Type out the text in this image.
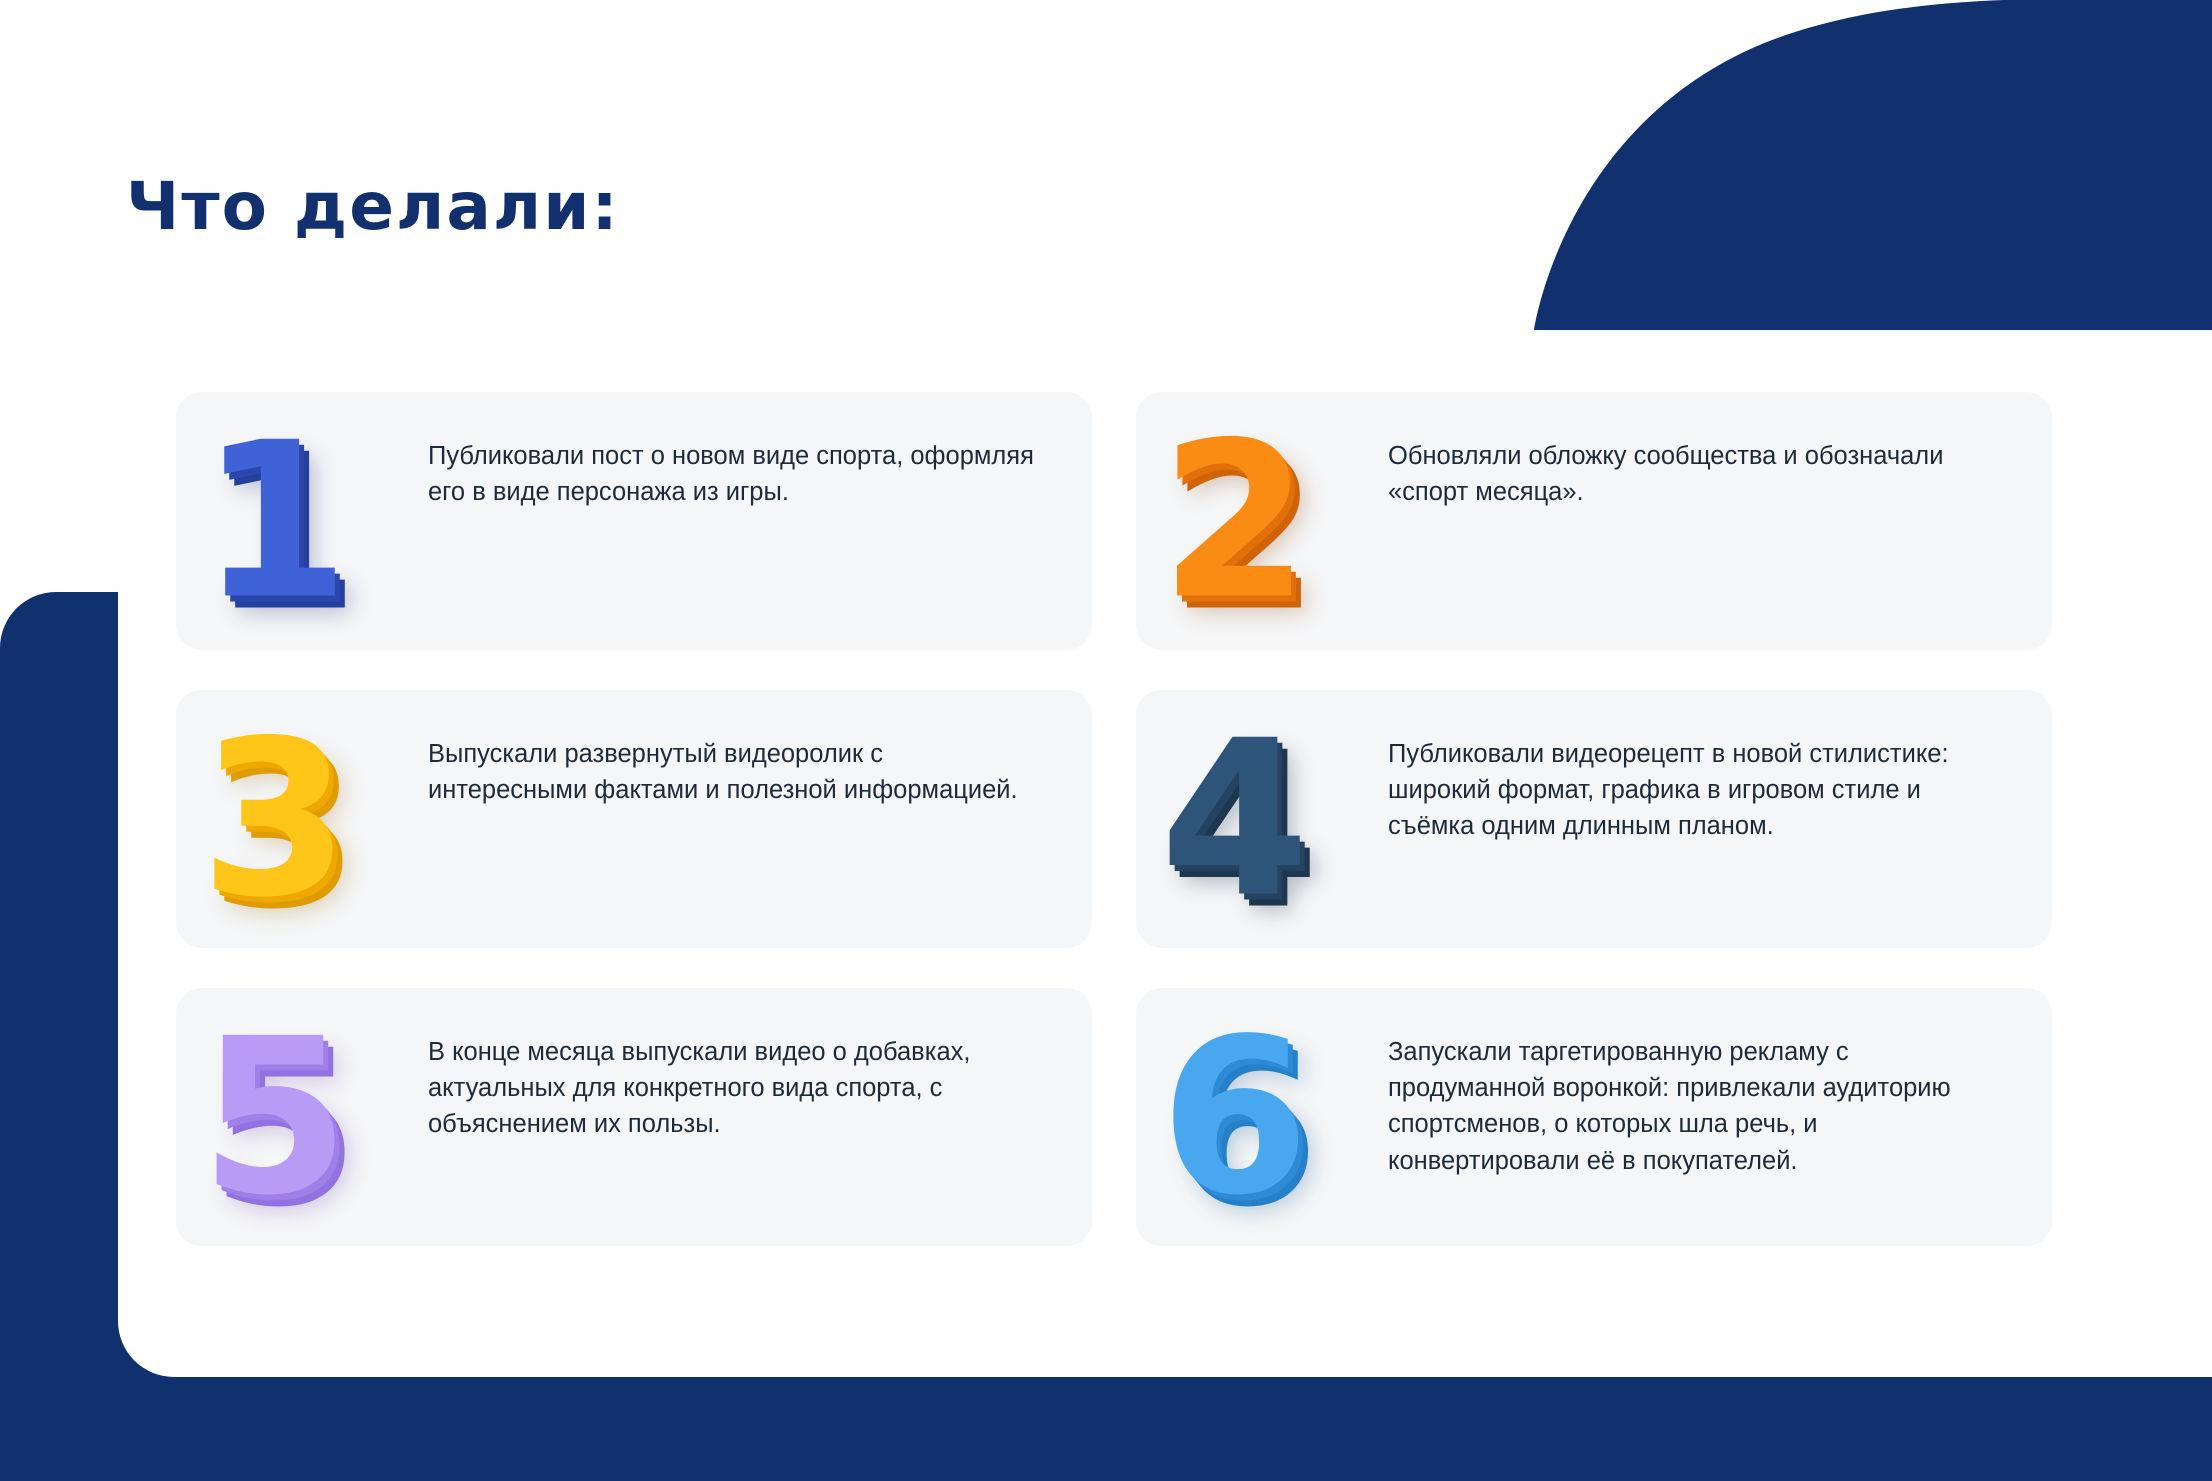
Что делали:
1	Публиковали пост о новом виде спорта, оформляя его в виде персонажа из игры.	2	Обновляли обложку сообщества и обозначали «спорт месяца».
3	Выпускали развернутый видеоролик с интересными фактами и полезной информацией. 4	Публиковали видеорецепт в новой стилистике: широкий формат, графика в игровом стиле и съёмка одним длинным планом.
5	В конце месяца выпускали видео о добавках, актуальных для конкретного вида спорта, с объяснением их пользы.	6	Запускали таргетированную рекламу с продуманной воронкой: привлекали аудиторию спортсменов, о которых шла речь, и конвертировали её в покупателей.
